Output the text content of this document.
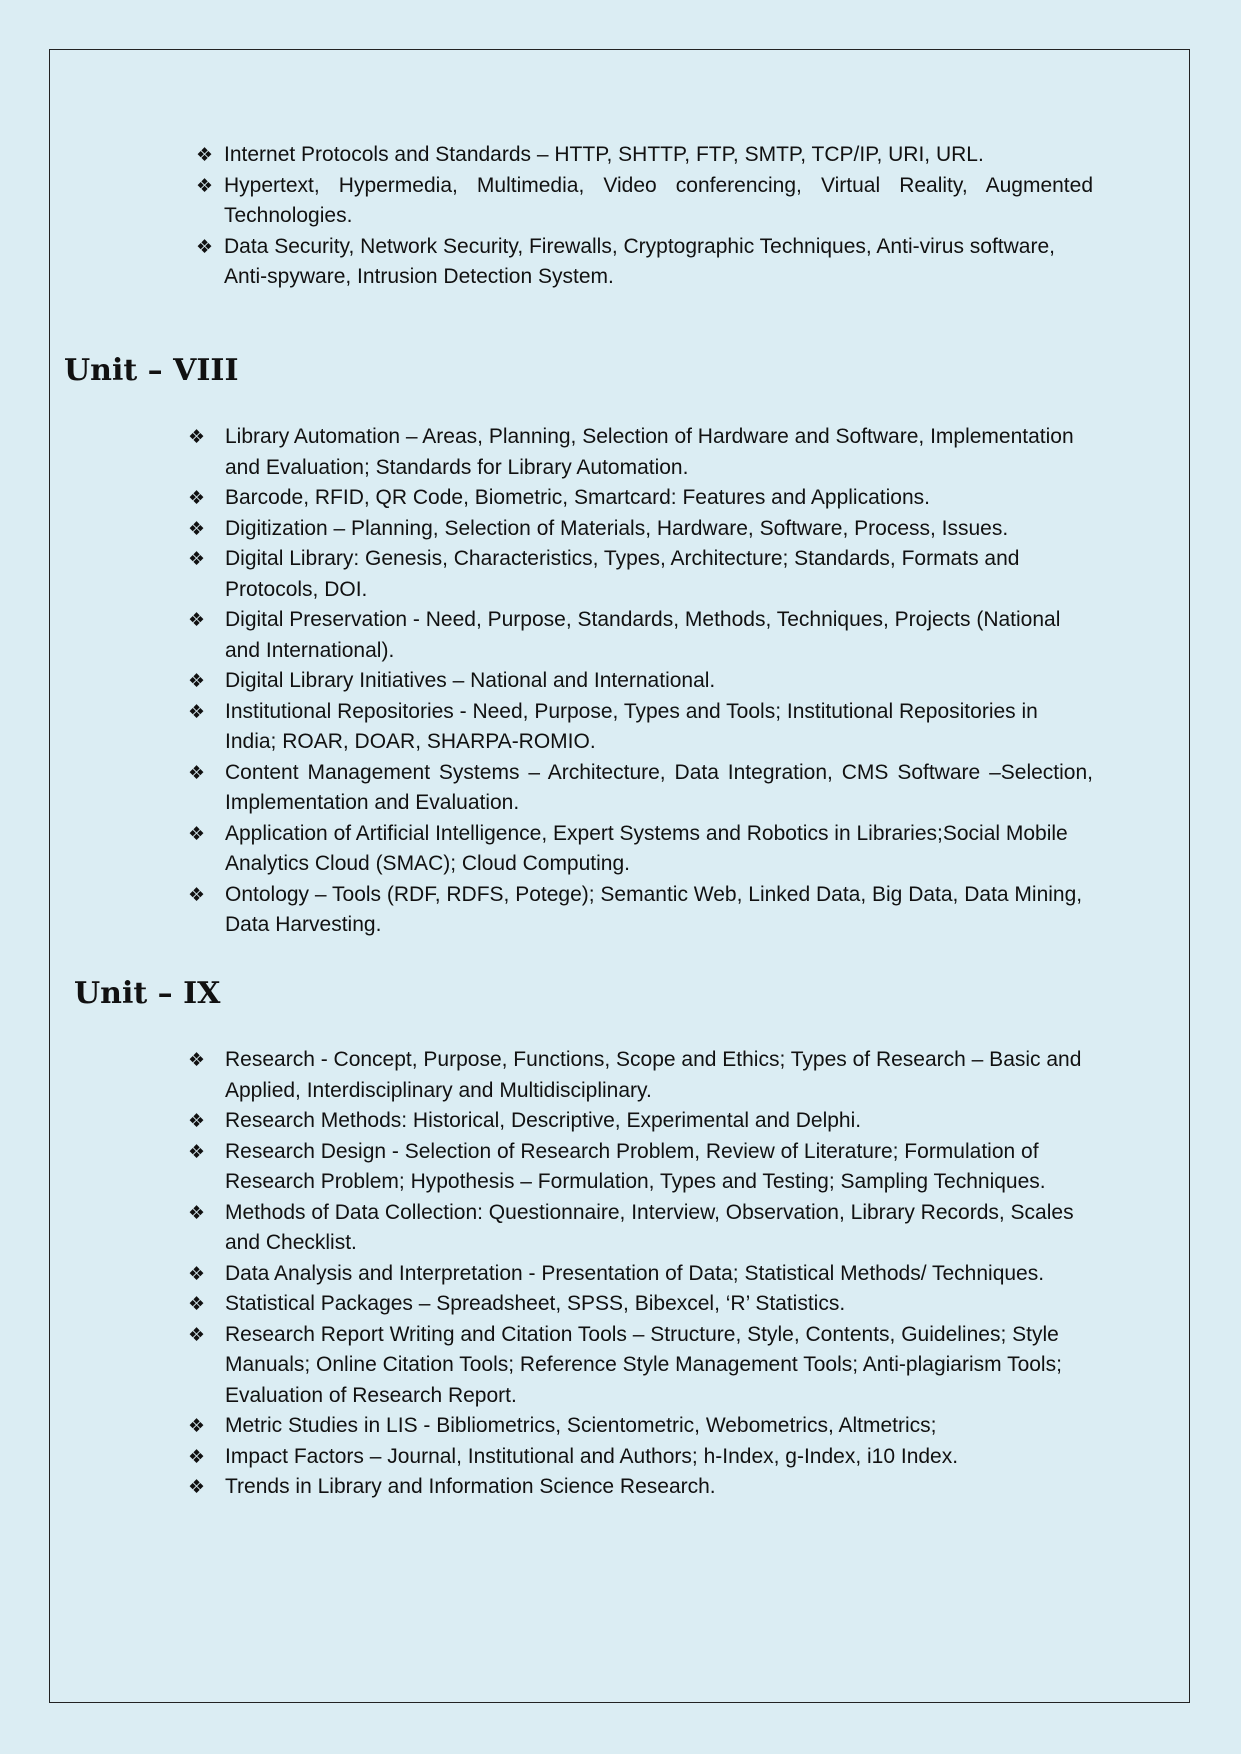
❖ Internet Protocols and Standards – HTTP, SHTTP, FTP, SMTP, TCP/IP, URI, URL.
❖ Hypertext, Hypermedia, Multimedia, Video conferencing, Virtual Reality, Augmented Technologies.
❖ Data Security, Network Security, Firewalls, Cryptographic Techniques, Anti-virus software, Anti-spyware, Intrusion Detection System.
Unit – VIII
❖ Library Automation – Areas, Planning, Selection of Hardware and Software, Implementation and Evaluation; Standards for Library Automation.
❖ Barcode, RFID, QR Code, Biometric, Smartcard: Features and Applications.
❖ Digitization – Planning, Selection of Materials, Hardware, Software, Process, Issues.
❖ Digital Library: Genesis, Characteristics, Types, Architecture; Standards, Formats and Protocols, DOI.
❖ Digital Preservation - Need, Purpose, Standards, Methods, Techniques, Projects (National and International).
❖ Digital Library Initiatives – National and International.
❖ Institutional Repositories - Need, Purpose, Types and Tools; Institutional Repositories in India; ROAR, DOAR, SHARPA-ROMIO.
❖ Content Management Systems – Architecture, Data Integration, CMS Software –Selection, Implementation and Evaluation.
❖ Application of Artificial Intelligence, Expert Systems and Robotics in Libraries;Social Mobile Analytics Cloud (SMAC); Cloud Computing.
❖ Ontology – Tools (RDF, RDFS, Potege); Semantic Web, Linked Data, Big Data, Data Mining, Data Harvesting.
Unit – IX
❖ Research - Concept, Purpose, Functions, Scope and Ethics; Types of Research – Basic and Applied, Interdisciplinary and Multidisciplinary.
❖ Research Methods: Historical, Descriptive, Experimental and Delphi.
❖ Research Design - Selection of Research Problem, Review of Literature; Formulation of Research Problem; Hypothesis – Formulation, Types and Testing; Sampling Techniques.
❖ Methods of Data Collection: Questionnaire, Interview, Observation, Library Records, Scales and Checklist.
❖ Data Analysis and Interpretation - Presentation of Data; Statistical Methods/ Techniques.
❖ Statistical Packages – Spreadsheet, SPSS, Bibexcel, ‘R’ Statistics.
❖ Research Report Writing and Citation Tools – Structure, Style, Contents, Guidelines; Style Manuals; Online Citation Tools; Reference Style Management Tools; Anti-plagiarism Tools; Evaluation of Research Report.
❖ Metric Studies in LIS - Bibliometrics, Scientometric, Webometrics, Altmetrics;
❖ Impact Factors – Journal, Institutional and Authors; h-Index, g-Index, i10 Index.
❖ Trends in Library and Information Science Research.
